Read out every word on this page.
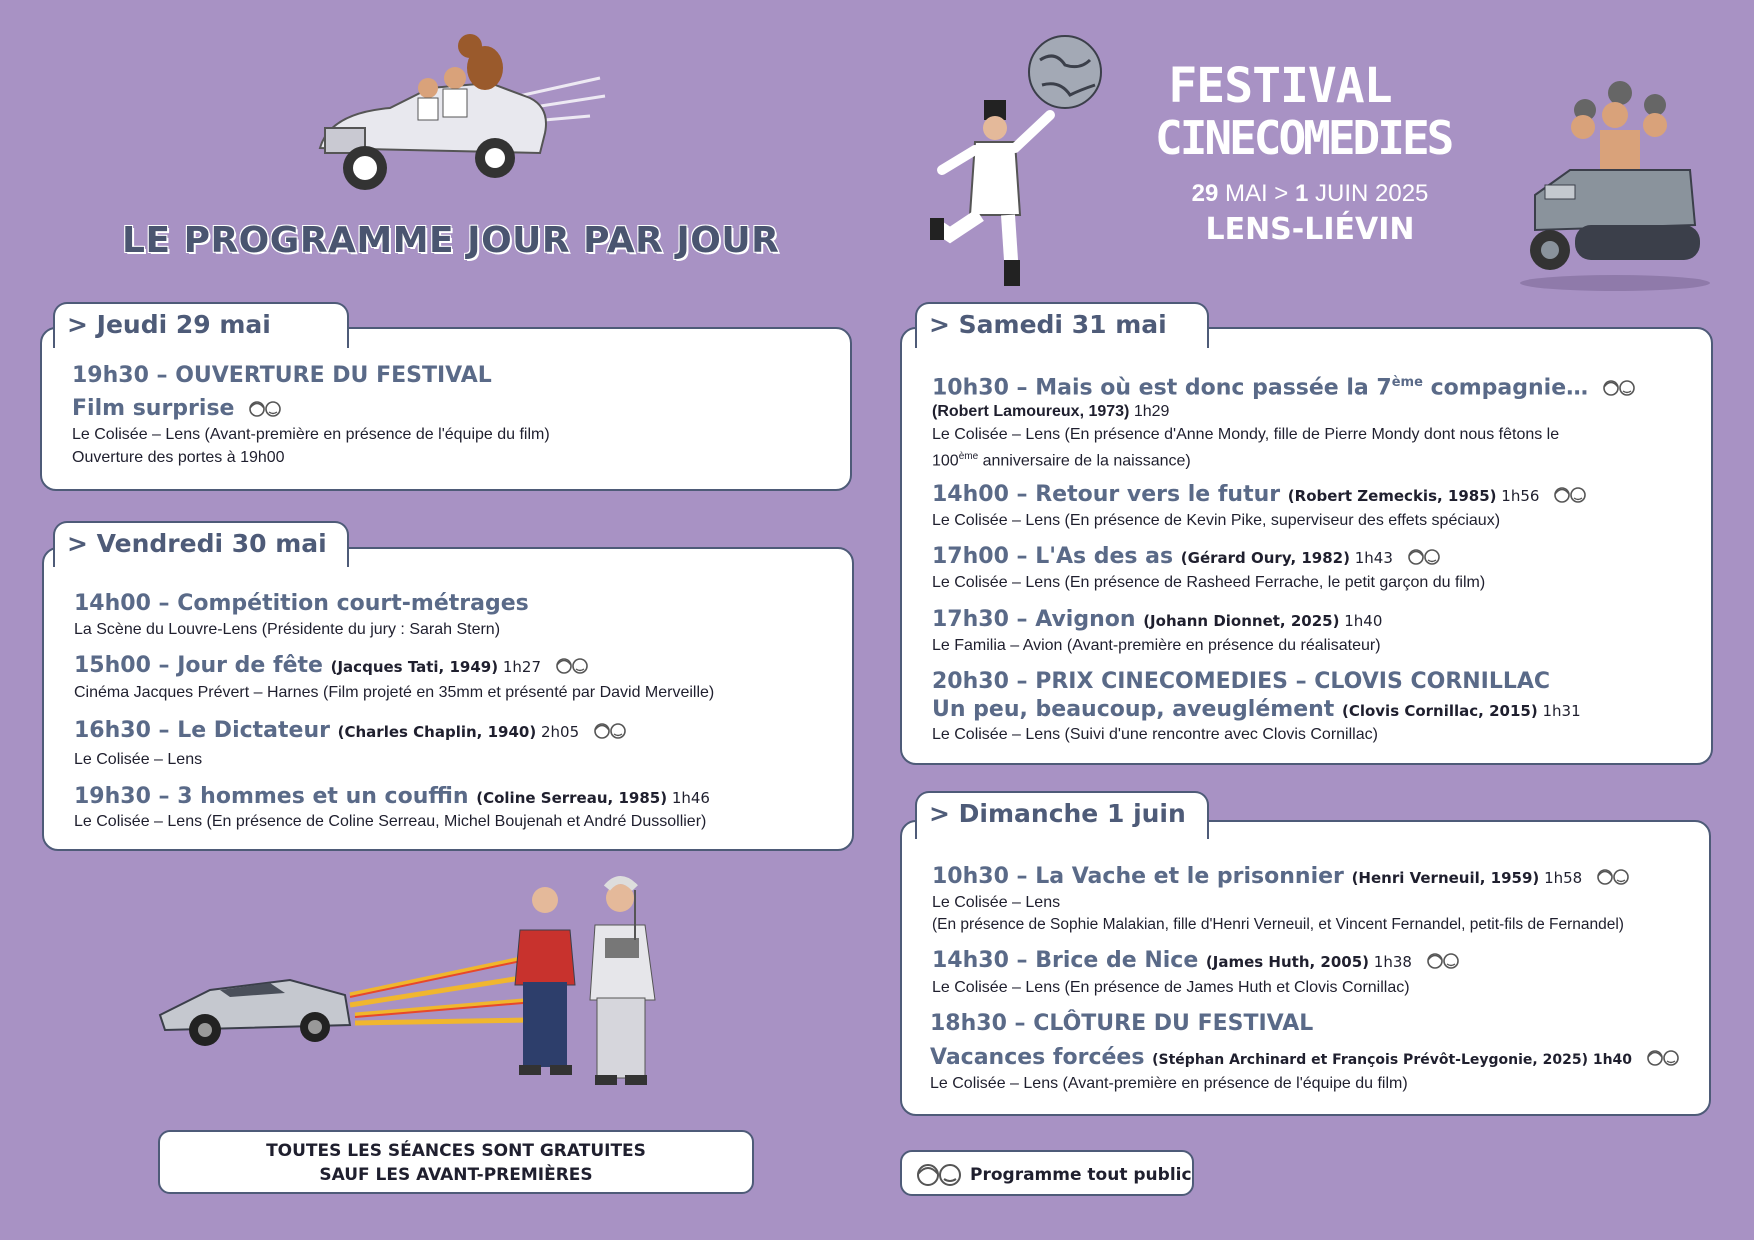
LE PROGRAMME JOUR PAR JOUR
FESTIVAL
CINECOMEDIES
29 MAI > 1 JUIN 2025
LENS-LIÉVIN
> Jeudi 29 mai
19h30 – OUVERTURE DU FESTIVAL
Film surprise
Le Colisée – Lens (Avant-première en présence de l'équipe du film)
Ouverture des portes à 19h00
> Vendredi 30 mai
14h00 – Compétition court-métrages
La Scène du Louvre-Lens (Présidente du jury : Sarah Stern)
15h00 – Jour de fête (Jacques Tati, 1949) 1h27
Cinéma Jacques Prévert – Harnes (Film projeté en 35mm et présenté par David Merveille)
16h30 – Le Dictateur (Charles Chaplin, 1940) 2h05
Le Colisée – Lens
19h30 – 3 hommes et un couffin (Coline Serreau, 1985) 1h46
Le Colisée – Lens (En présence de Coline Serreau, Michel Boujenah et André Dussollier)
> Samedi 31 mai
10h30 – Mais où est donc passée la 7ème compagnie…
(Robert Lamoureux, 1973) 1h29
Le Colisée – Lens (En présence d'Anne Mondy, fille de Pierre Mondy dont nous fêtons le
100ème anniversaire de la naissance)
14h00 – Retour vers le futur (Robert Zemeckis, 1985) 1h56
Le Colisée – Lens (En présence de Kevin Pike, superviseur des effets spéciaux)
17h00 – L'As des as (Gérard Oury, 1982) 1h43
Le Colisée – Lens (En présence de Rasheed Ferrache, le petit garçon du film)
17h30 – Avignon (Johann Dionnet, 2025) 1h40
Le Familia – Avion (Avant-première en présence du réalisateur)
20h30 – PRIX CINECOMEDIES – CLOVIS CORNILLAC
Un peu, beaucoup, aveuglément (Clovis Cornillac, 2015) 1h31
Le Colisée – Lens (Suivi d'une rencontre avec Clovis Cornillac)
> Dimanche 1 juin
10h30 – La Vache et le prisonnier (Henri Verneuil, 1959) 1h58
Le Colisée – Lens
(En présence de Sophie Malakian, fille d'Henri Verneuil, et Vincent Fernandel, petit-fils de Fernandel)
14h30 – Brice de Nice (James Huth, 2005) 1h38
Le Colisée – Lens (En présence de James Huth et Clovis Cornillac)
18h30 – CLÔTURE DU FESTIVAL
Vacances forcées (Stéphan Archinard et François Prévôt-Leygonie, 2025) 1h40
Le Colisée – Lens (Avant-première en présence de l'équipe du film)
TOUTES LES SÉANCES SONT GRATUITES
SAUF LES AVANT-PREMIÈRES	Programme tout public
